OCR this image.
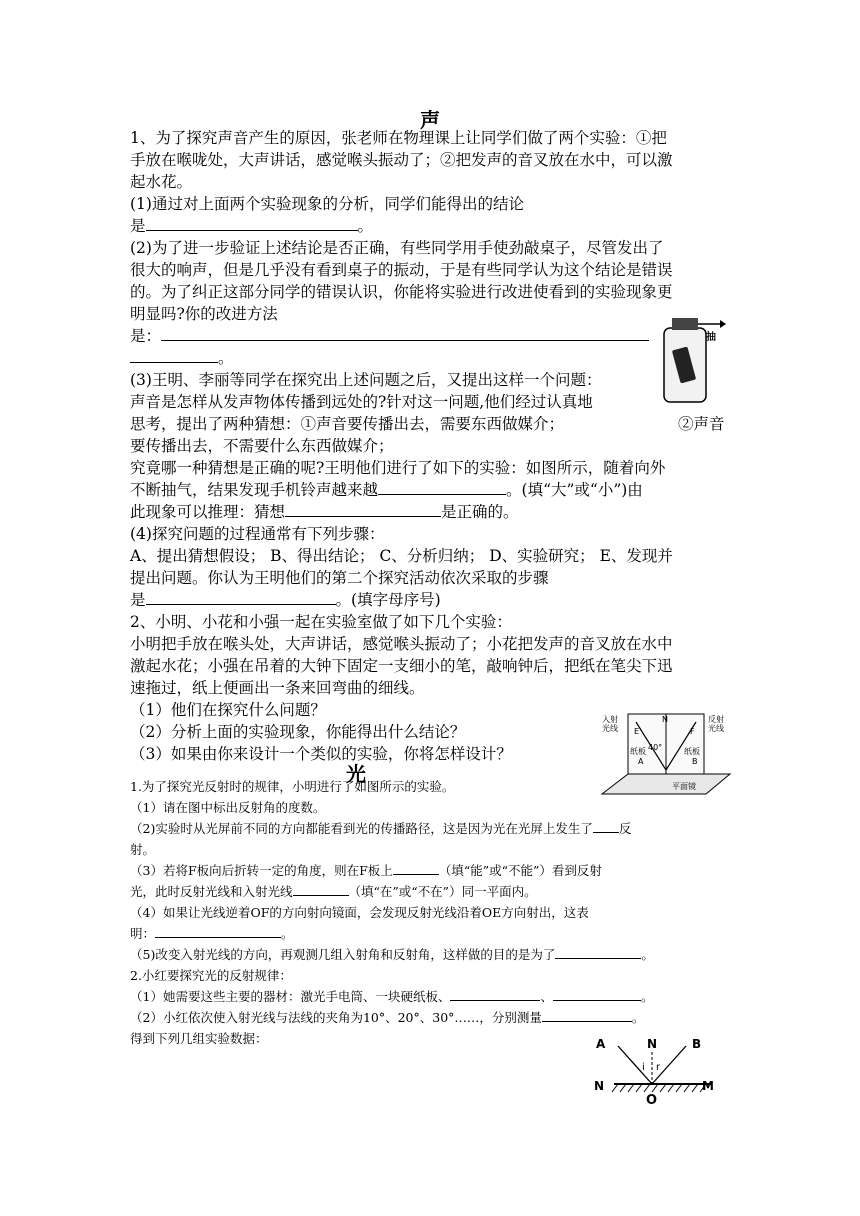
声

1、为了探究声音产生的原因，张老师在物理课上让同学们做了两个实验：①把

手放在喉咙处，大声讲话，感觉喉头振动了；②把发声的音叉放在水中，可以激

起水花。

(1)通过对上面两个实验现象的分析，同学们能得出的结论

是	。

(2)为了进一步验证上述结论是否正确，有些同学用手使劲敲桌子，尽管发出了

很大的响声，但是几乎没有看到桌子的振动，于是有些同学认为这个结论是错误

的。为了纠正这部分同学的错误认识，你能将实验进行改进使看到的实验现象更

明显吗?你的改进方法

是：

。

抽

(3)王明、李丽等同学在探究出上述问题之后，又提出这样一个问题：

声音是怎样从发声物体传播到远处的?针对这一问题,他们经过认真地

思考，提出了两种猜想：①声音要传播出去，需要东西做媒介；	②声音

要传播出去，不需要什么东西做媒介；

究竟哪一种猜想是正确的呢?王明他们进行了如下的实验：如图所示，随着向外

不断抽气，结果发现手机铃声越来越	。(填“大”或“小”)由

此现象可以推理：猜想	是正确的。

(4)探究问题的过程通常有下列步骤：

A、提出猜想假设； B、得出结论； C、分析归纳； D、实验研究； E、发现并

提出问题。你认为王明他们的第二个探究活动依次采取的步骤

是	。(填字母序号)

2、小明、小花和小强一起在实验室做了如下几个实验：

小明把手放在喉头处，大声讲话，感觉喉头振动了；小花把发声的音叉放在水中

激起水花；小强在吊着的大钟下固定一支细小的笔，敲响钟后，把纸在笔尖下迅

速拖过，纸上便画出一条来回弯曲的细线。

（1）他们在探究什么问题？

（2）分析上面的实验现象，你能得出什么结论？

（3）如果由你来设计一个类似的实验，你将怎样设计？

入射
光线
反射
光线
E
N
F
40°
纸板
A
纸板
B
平面镜
光

1.为了探究光反射时的规律，小明进行了如图所示的实验。

（1）请在图中标出反射角的度数。

（2)实验时从光屏前不同的方向都能看到光的传播路径，这是因为光在光屏上发生了 反

射。

（3）若将F板向后折转一定的角度，则在F板上	（填“能”或“不能”）看到反射

光，此时反射光线和入射光线	（填“在”或“不在”）同一平面内。

（4）如果让光线逆着OF的方向射向镜面，会发现反射光线沿着OE方向射出，这表

明：	。

（5)改变入射光线的方向，再观测几组入射角和反射角，这样做的目的是为了	。

2.小红要探究光的反射规律：

（1）她需要这些主要的器材：激光手电筒、一块硬纸板、	、	。

（2）小红依次使入射光线与法线的夹角为10°、20°、30°……，分别测量	。

得到下列几组实验数据：	A	N	B
i r
N
O
M
